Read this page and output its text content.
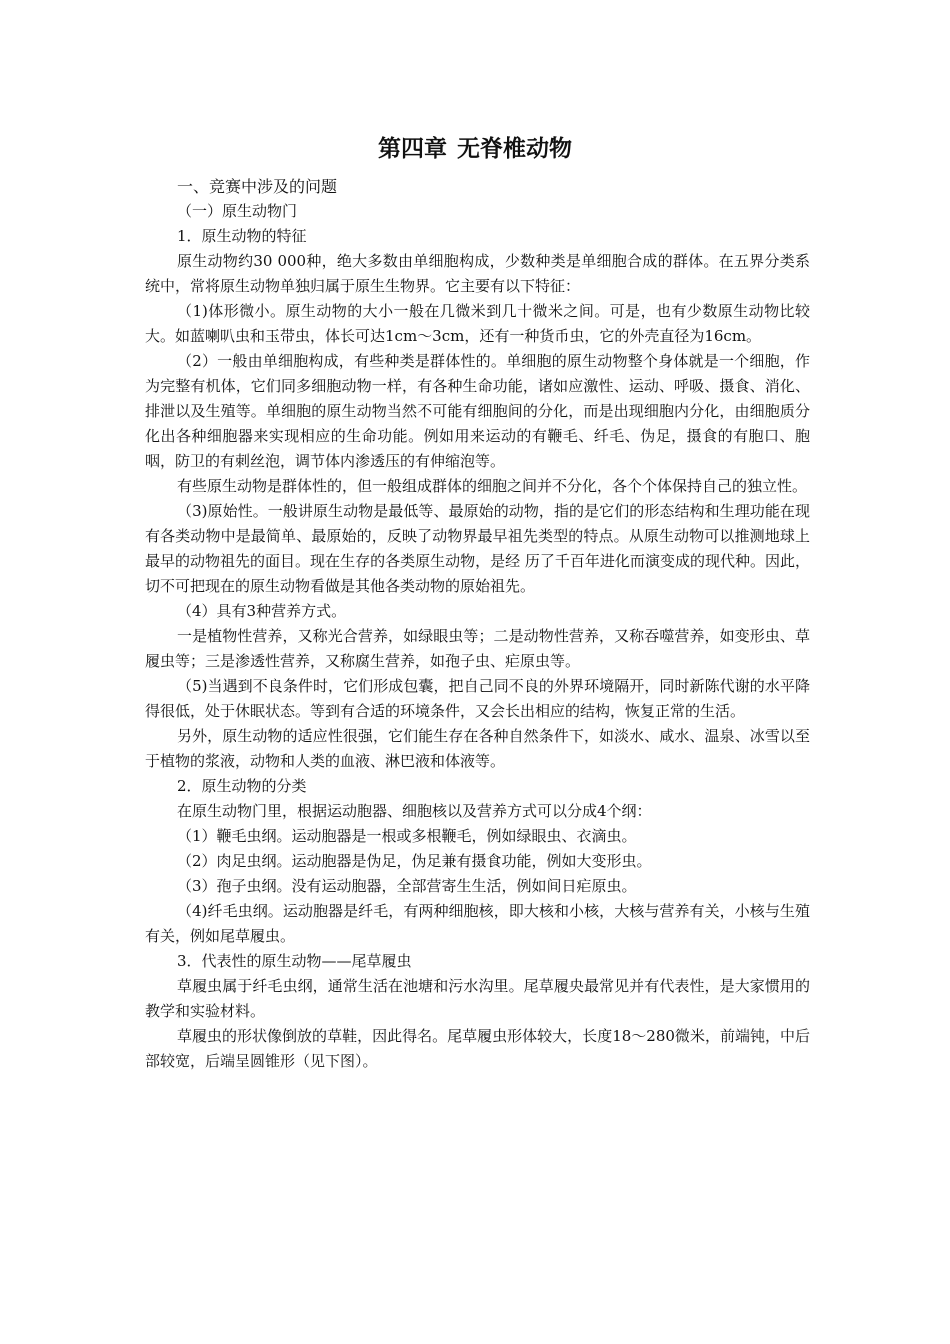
第四章 无脊椎动物

一、竞赛中涉及的问题

（一）原生动物门

1．原生动物的特征

原生动物约30 000种，绝大多数由单细胞构成，少数种类是单细胞合成的群体。在五界分类系统中，常将原生动物单独归属于原生生物界。它主要有以下特征：

（1)体形微小。原生动物的大小一般在几微米到几十微米之间。可是，也有少数原生动物比较大。如蓝喇叭虫和玉带虫，体长可达1cm～3cm，还有一种货币虫，它的外壳直径为16cm。

（2）一般由单细胞构成，有些种类是群体性的。单细胞的原生动物整个身体就是一个细胞，作为完整有机体，它们同多细胞动物一样，有各种生命功能，诸如应激性、运动、呼吸、摄食、消化、排泄以及生殖等。单细胞的原生动物当然不可能有细胞间的分化，而是出现细胞内分化，由细胞质分化出各种细胞器来实现相应的生命功能。例如用来运动的有鞭毛、纤毛、伪足，摄食的有胞口、胞咽，防卫的有刺丝泡，调节体内渗透压的有伸缩泡等。

有些原生动物是群体性的，但一般组成群体的细胞之间并不分化，各个个体保持自己的独立性。

（3)原始性。一般讲原生动物是最低等、最原始的动物，指的是它们的形态结构和生理功能在现有各类动物中是最简单、最原始的，反映了动物界最早祖先类型的特点。从原生动物可以推测地球上最早的动物祖先的面目。现在生存的各类原生动物，是经 历了千百年进化而演变成的现代种。因此，切不可把现在的原生动物看做是其他各类动物的原始祖先。

（4）具有3种营养方式。

一是植物性营养，又称光合营养，如绿眼虫等；二是动物性营养，又称吞噬营养，如变形虫、草履虫等；三是渗透性营养，又称腐生营养，如孢子虫、疟原虫等。

（5)当遇到不良条件时，它们形成包囊，把自己同不良的外界环境隔开，同时新陈代谢的水平降得很低，处于休眠状态。等到有合适的环境条件，又会长出相应的结构，恢复正常的生活。

另外，原生动物的适应性很强，它们能生存在各种自然条件下，如淡水、咸水、温泉、冰雪以至于植物的浆液，动物和人类的血液、淋巴液和体液等。

2．原生动物的分类

在原生动物门里，根据运动胞器、细胞核以及营养方式可以分成4个纲：

（1）鞭毛虫纲。运动胞器是一根或多根鞭毛，例如绿眼虫、衣滴虫。

（2）肉足虫纲。运动胞器是伪足，伪足兼有摄食功能，例如大变形虫。

（3）孢子虫纲。没有运动胞器，全部营寄生生活，例如间日疟原虫。

（4)纤毛虫纲。运动胞器是纤毛，有两种细胞核，即大核和小核，大核与营养有关，小核与生殖有关，例如尾草履虫。

3．代表性的原生动物——尾草履虫

草履虫属于纤毛虫纲，通常生活在池塘和污水沟里。尾草履央最常见并有代表性，是大家惯用的教学和实验材料。

草履虫的形状像倒放的草鞋，因此得名。尾草履虫形体较大，长度18～280微米，前端钝，中后部较宽，后端呈圆锥形（见下图）。
